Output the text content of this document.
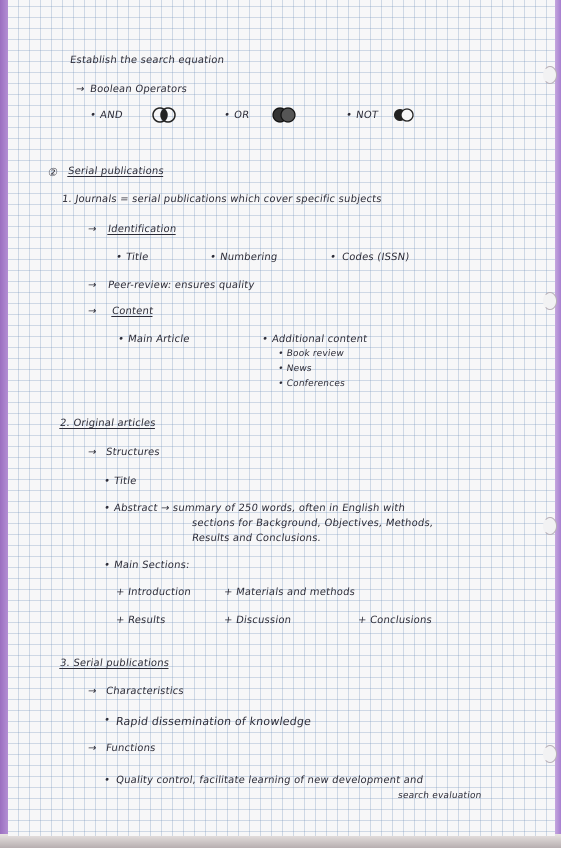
Establish the search equation
→ Boolean Operators
• AND	• OR	• NOT
② Serial publications
1. Journals = serial publications which cover specific subjects
→ Identification
• Title	• Numbering	• Codes (ISSN)
→ Peer-review: ensures quality
→ Content
• Main Article	• Additional content
• Book review
• News
• Conferences
2. Original articles
→ Structures
• Title
• Abstract → summary of 250 words, often in English with
sections for Background, Objectives, Methods,
Results and Conclusions.
• Main Sections:
+ Introduction	+ Materials and methods
+ Results	+ Discussion	+ Conclusions
3. Serial publications
→ Characteristics
• Rapid dissemination of knowledge
→ Functions
• Quality control, facilitate learning of new development and
search evaluation
